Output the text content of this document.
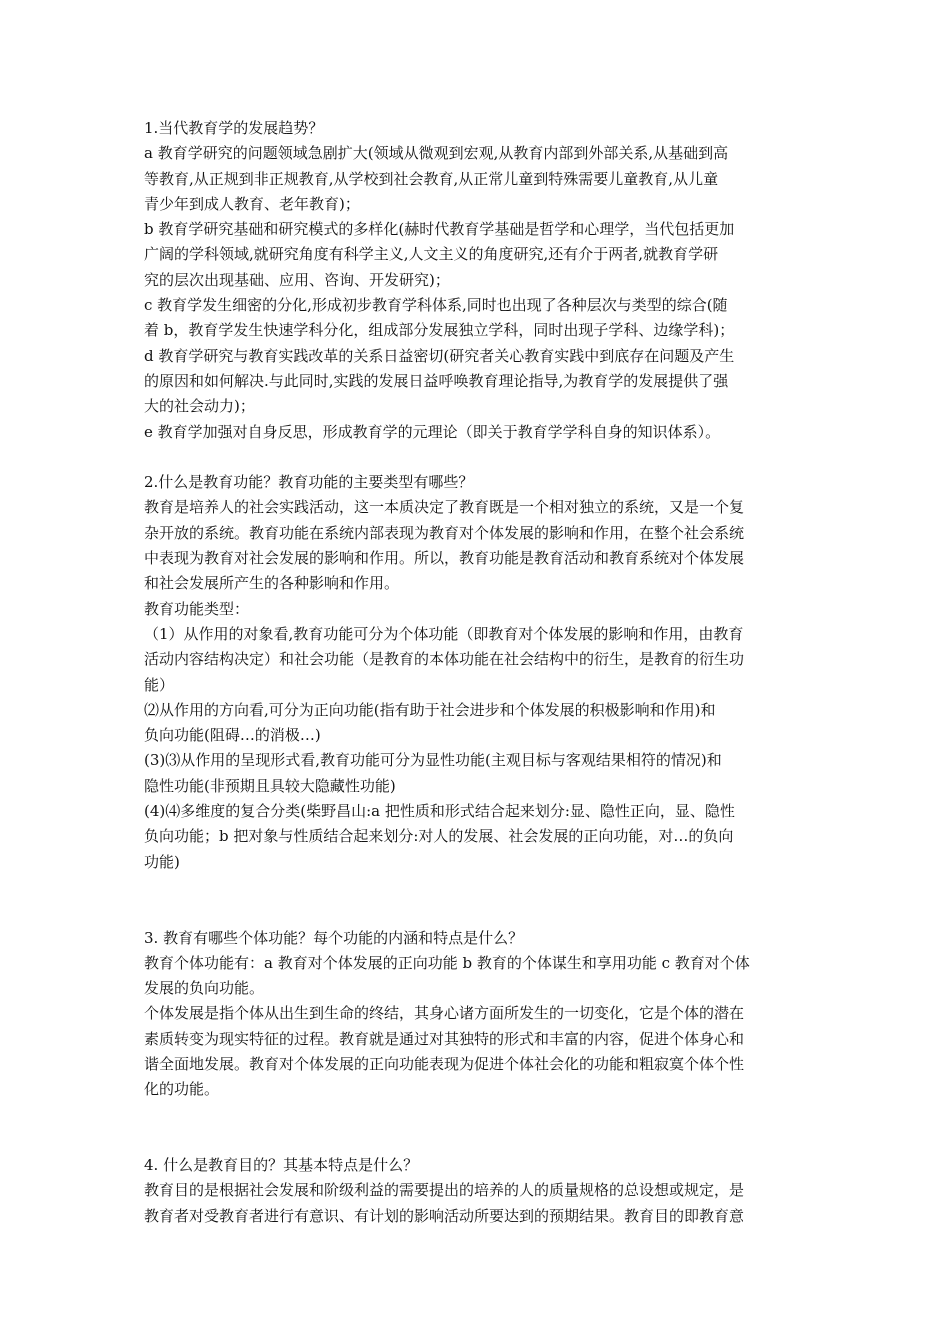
1.当代教育学的发展趋势？
a 教育学研究的问题领域急剧扩大(领域从微观到宏观,从教育内部到外部关系,从基础到高
等教育,从正规到非正规教育,从学校到社会教育,从正常儿童到特殊需要儿童教育,从儿童
青少年到成人教育、老年教育)；
b 教育学研究基础和研究模式的多样化(赫时代教育学基础是哲学和心理学，当代包括更加
广阔的学科领域,就研究角度有科学主义,人文主义的角度研究,还有介于两者,就教育学研
究的层次出现基础、应用、咨询、开发研究)；
c 教育学发生细密的分化,形成初步教育学科体系,同时也出现了各种层次与类型的综合(随
着 b，教育学发生快速学科分化，组成部分发展独立学科，同时出现子学科、边缘学科)；
d 教育学研究与教育实践改革的关系日益密切(研究者关心教育实践中到底存在问题及产生
的原因和如何解决.与此同时,实践的发展日益呼唤教育理论指导,为教育学的发展提供了强
大的社会动力)；
e 教育学加强对自身反思，形成教育学的元理论（即关于教育学学科自身的知识体系）。
2.什么是教育功能？教育功能的主要类型有哪些？
教育是培养人的社会实践活动，这一本质决定了教育既是一个相对独立的系统，又是一个复
杂开放的系统。教育功能在系统内部表现为教育对个体发展的影响和作用，在整个社会系统
中表现为教育对社会发展的影响和作用。所以，教育功能是教育活动和教育系统对个体发展
和社会发展所产生的各种影响和作用。
教育功能类型：
（1）从作用的对象看,教育功能可分为个体功能（即教育对个体发展的影响和作用，由教育
活动内容结构决定）和社会功能（是教育的本体功能在社会结构中的衍生，是教育的衍生功
能）
⑵从作用的方向看,可分为正向功能(指有助于社会进步和个体发展的积极影响和作用)和
负向功能(阻碍…的消极…)
(3)⑶从作用的呈现形式看,教育功能可分为显性功能(主观目标与客观结果相符的情况)和
隐性功能(非预期且具较大隐藏性功能)
(4)⑷多维度的复合分类(柴野昌山:a 把性质和形式结合起来划分:显、隐性正向，显、隐性
负向功能；b 把对象与性质结合起来划分:对人的发展、社会发展的正向功能，对…的负向
功能)
3. 教育有哪些个体功能？每个功能的内涵和特点是什么？
教育个体功能有：a 教育对个体发展的正向功能 b 教育的个体谋生和享用功能 c 教育对个体
发展的负向功能。
个体发展是指个体从出生到生命的终结，其身心诸方面所发生的一切变化，它是个体的潜在
素质转变为现实特征的过程。教育就是通过对其独特的形式和丰富的内容，促进个体身心和
谐全面地发展。教育对个体发展的正向功能表现为促进个体社会化的功能和粗寂寞个体个性
化的功能。
4. 什么是教育目的？其基本特点是什么？
教育目的是根据社会发展和阶级利益的需要提出的培养的人的质量规格的总设想或规定，是
教育者对受教育者进行有意识、有计划的影响活动所要达到的预期结果。教育目的即教育意
